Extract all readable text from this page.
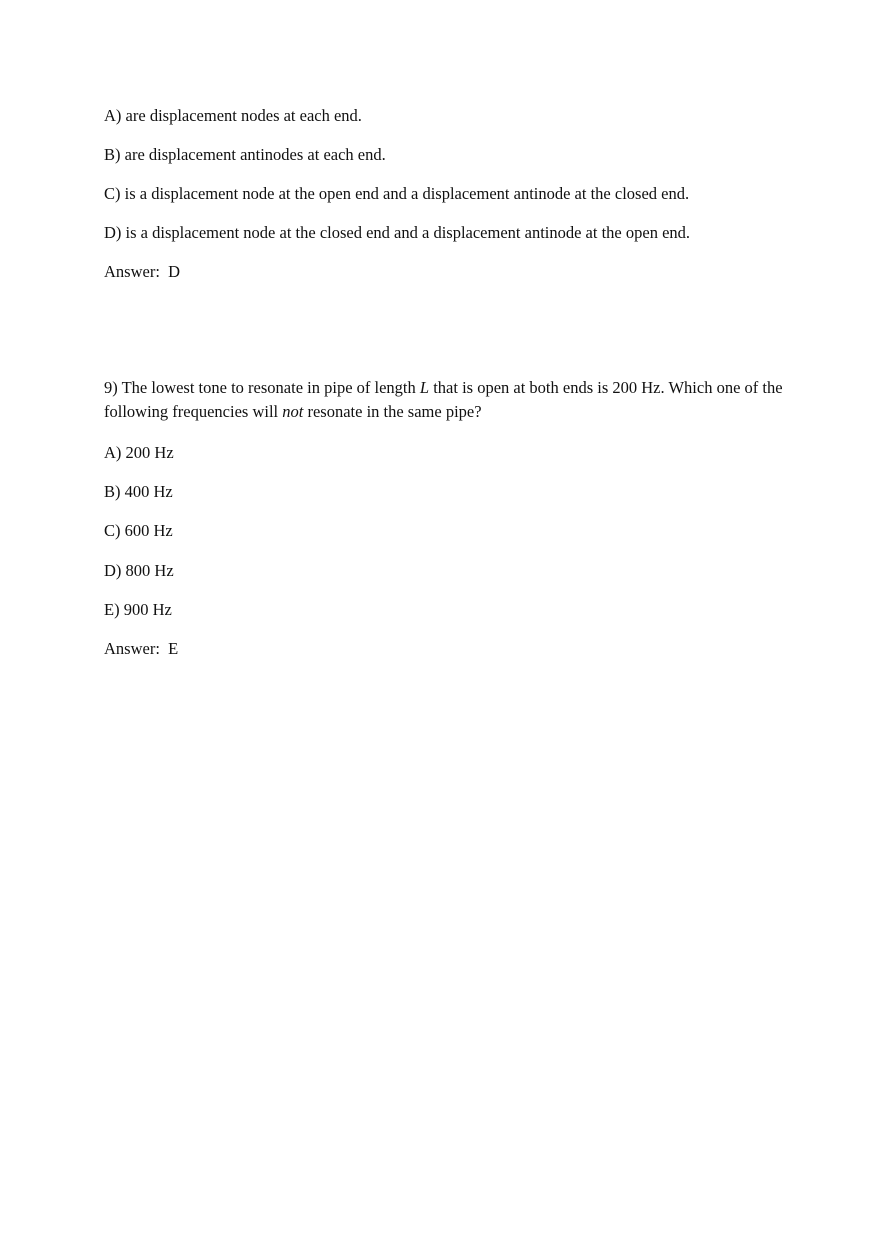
A) are displacement nodes at each end.
B) are displacement antinodes at each end.
C) is a displacement node at the open end and a displacement antinode at the closed end.
D) is a displacement node at the closed end and a displacement antinode at the open end.
Answer: D
9) The lowest tone to resonate in pipe of length L that is open at both ends is 200 Hz. Which one of the following frequencies will not resonate in the same pipe?
A) 200 Hz
B) 400 Hz
C) 600 Hz
D) 800 Hz
E) 900 Hz
Answer: E
